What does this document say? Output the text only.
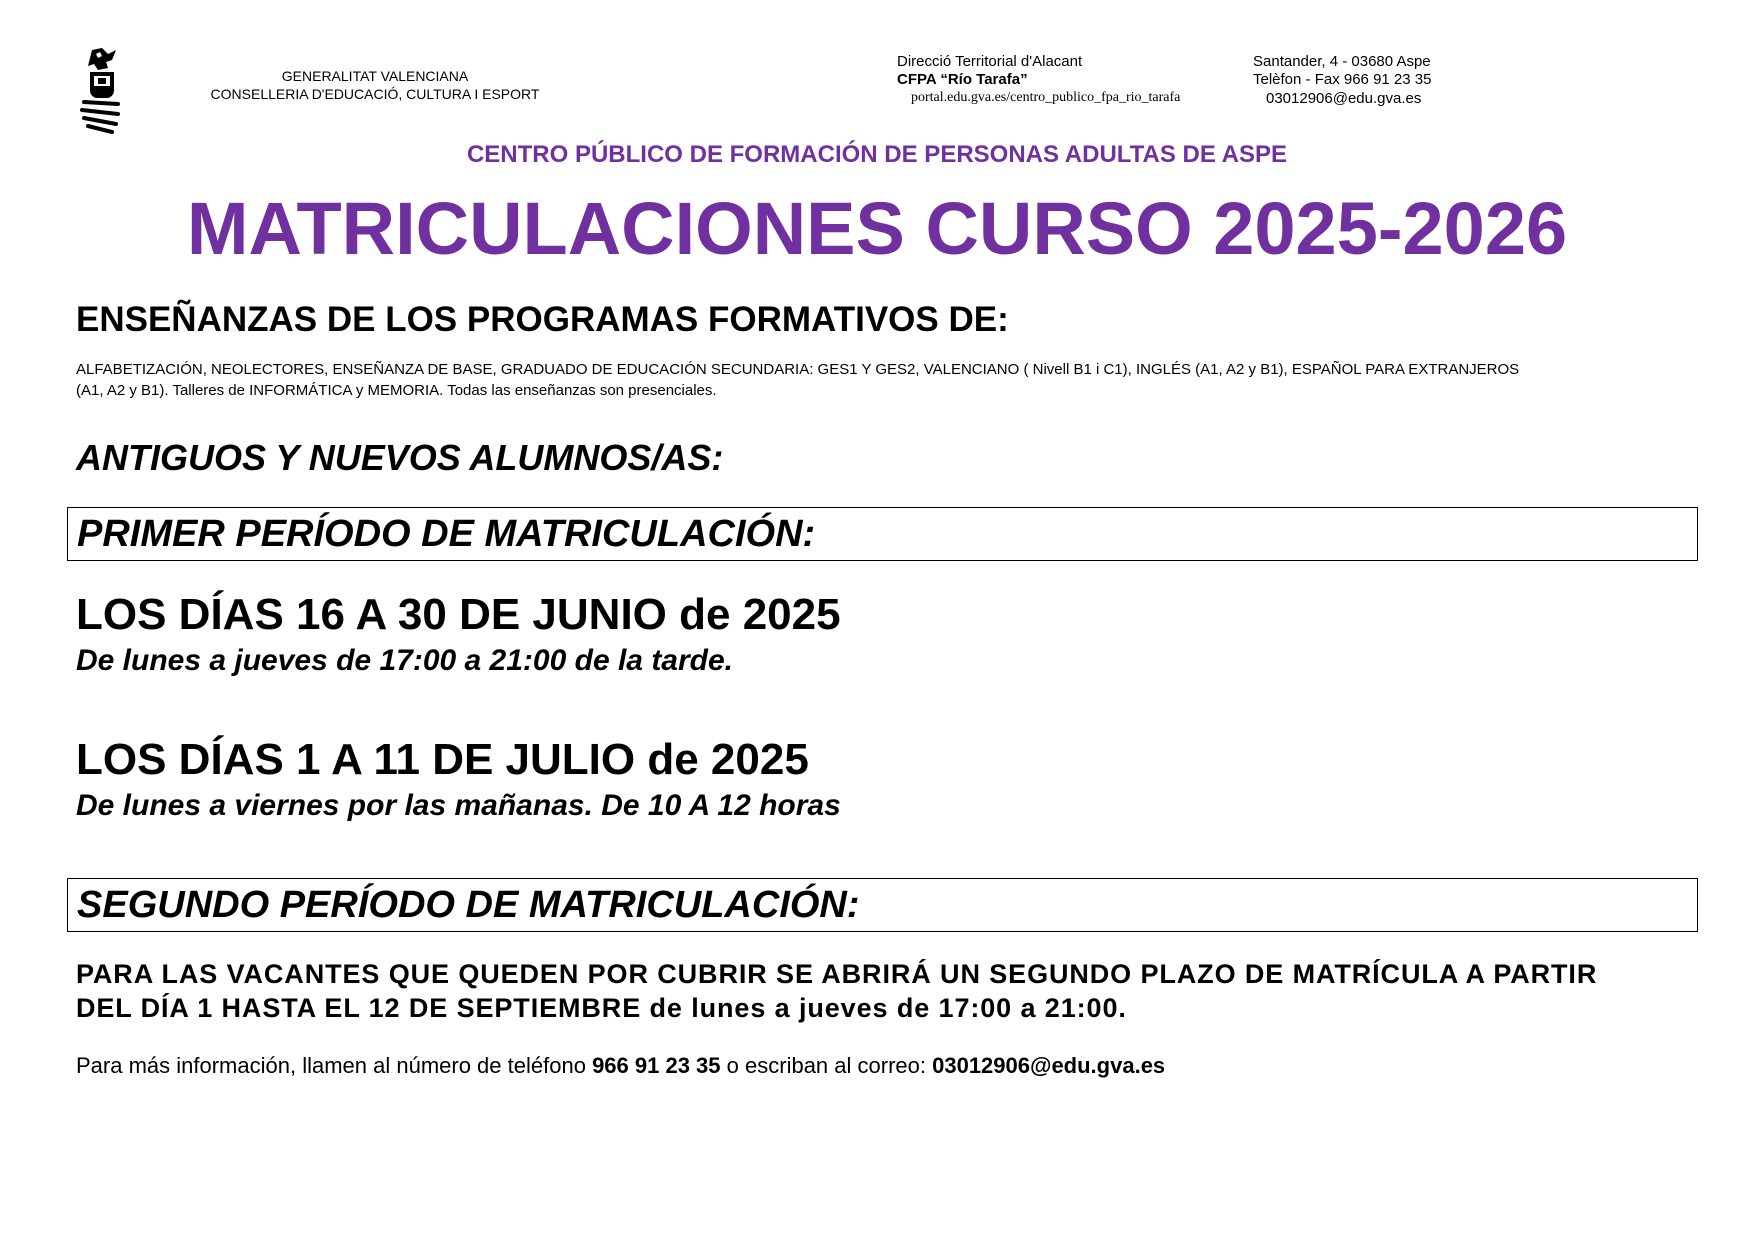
GENERALITAT VALENCIANA
CONSELLERIA D'EDUCACIÓ, CULTURA I ESPORT
Direcció Territorial d'Alacant
CFPA “Río Tarafa”
portal.edu.gva.es/centro_publico_fpa_rio_tarafa
Santander, 4 - 03680 Aspe
Telèfon - Fax 966 91 23 35
03012906@edu.gva.es
CENTRO PÚBLICO DE FORMACIÓN DE PERSONAS ADULTAS DE ASPE
MATRICULACIONES CURSO 2025-2026
ENSEÑANZAS DE LOS PROGRAMAS FORMATIVOS DE:
ALFABETIZACIÓN, NEOLECTORES, ENSEÑANZA DE BASE, GRADUADO DE EDUCACIÓN SECUNDARIA: GES1 Y GES2, VALENCIANO ( Nivell B1 i C1), INGLÉS (A1, A2 y B1), ESPAÑOL PARA EXTRANJEROS
(A1, A2 y B1). Talleres de INFORMÁTICA y MEMORIA. Todas las enseñanzas son presenciales.
ANTIGUOS Y NUEVOS ALUMNOS/AS:
PRIMER PERÍODO DE MATRICULACIÓN:
LOS DÍAS 16 A 30 DE JUNIO de 2025
De lunes a jueves de 17:00 a 21:00 de la tarde.
LOS DÍAS 1 A 11 DE JULIO de 2025
De lunes a viernes por las mañanas. De 10 A 12 horas
SEGUNDO PERÍODO DE MATRICULACIÓN:
PARA LAS VACANTES QUE QUEDEN POR CUBRIR SE ABRIRÁ UN SEGUNDO PLAZO DE MATRÍCULA A PARTIR
DEL DÍA 1 HASTA EL 12 DE SEPTIEMBRE de lunes a jueves de 17:00 a 21:00.
Para más información, llamen al número de teléfono 966 91 23 35 o escriban al correo: 03012906@edu.gva.es
